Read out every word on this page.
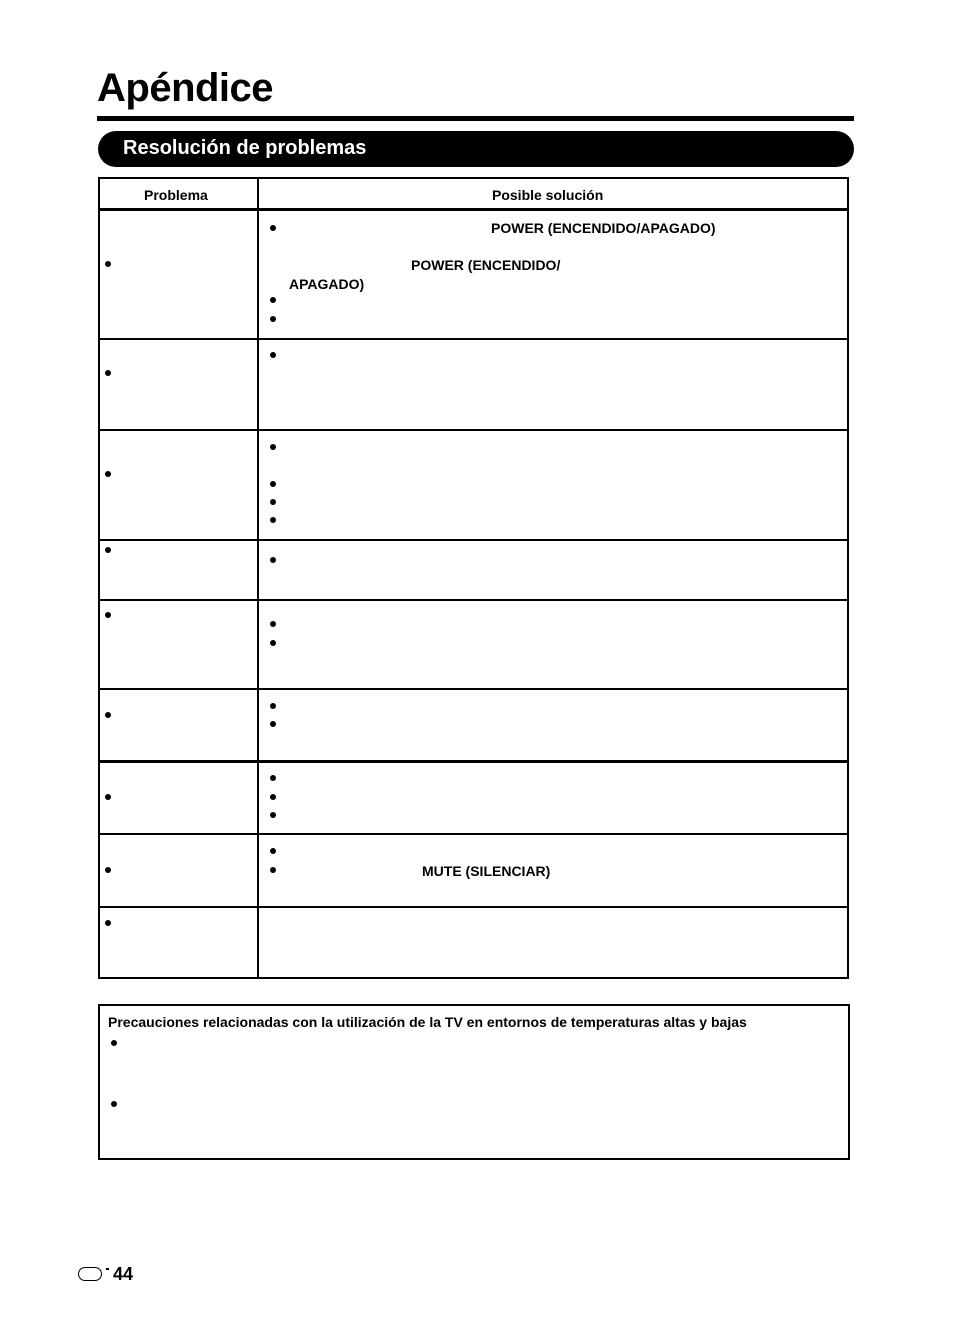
Apéndice
Resolución de problemas
Problema	Posible solución
POWER (ENCENDIDO/APAGADO)
POWER (ENCENDIDO/
APAGADO)
MUTE (SILENCIAR)
Precauciones relacionadas con la utilización de la TV en entornos de temperaturas altas y bajas
44
